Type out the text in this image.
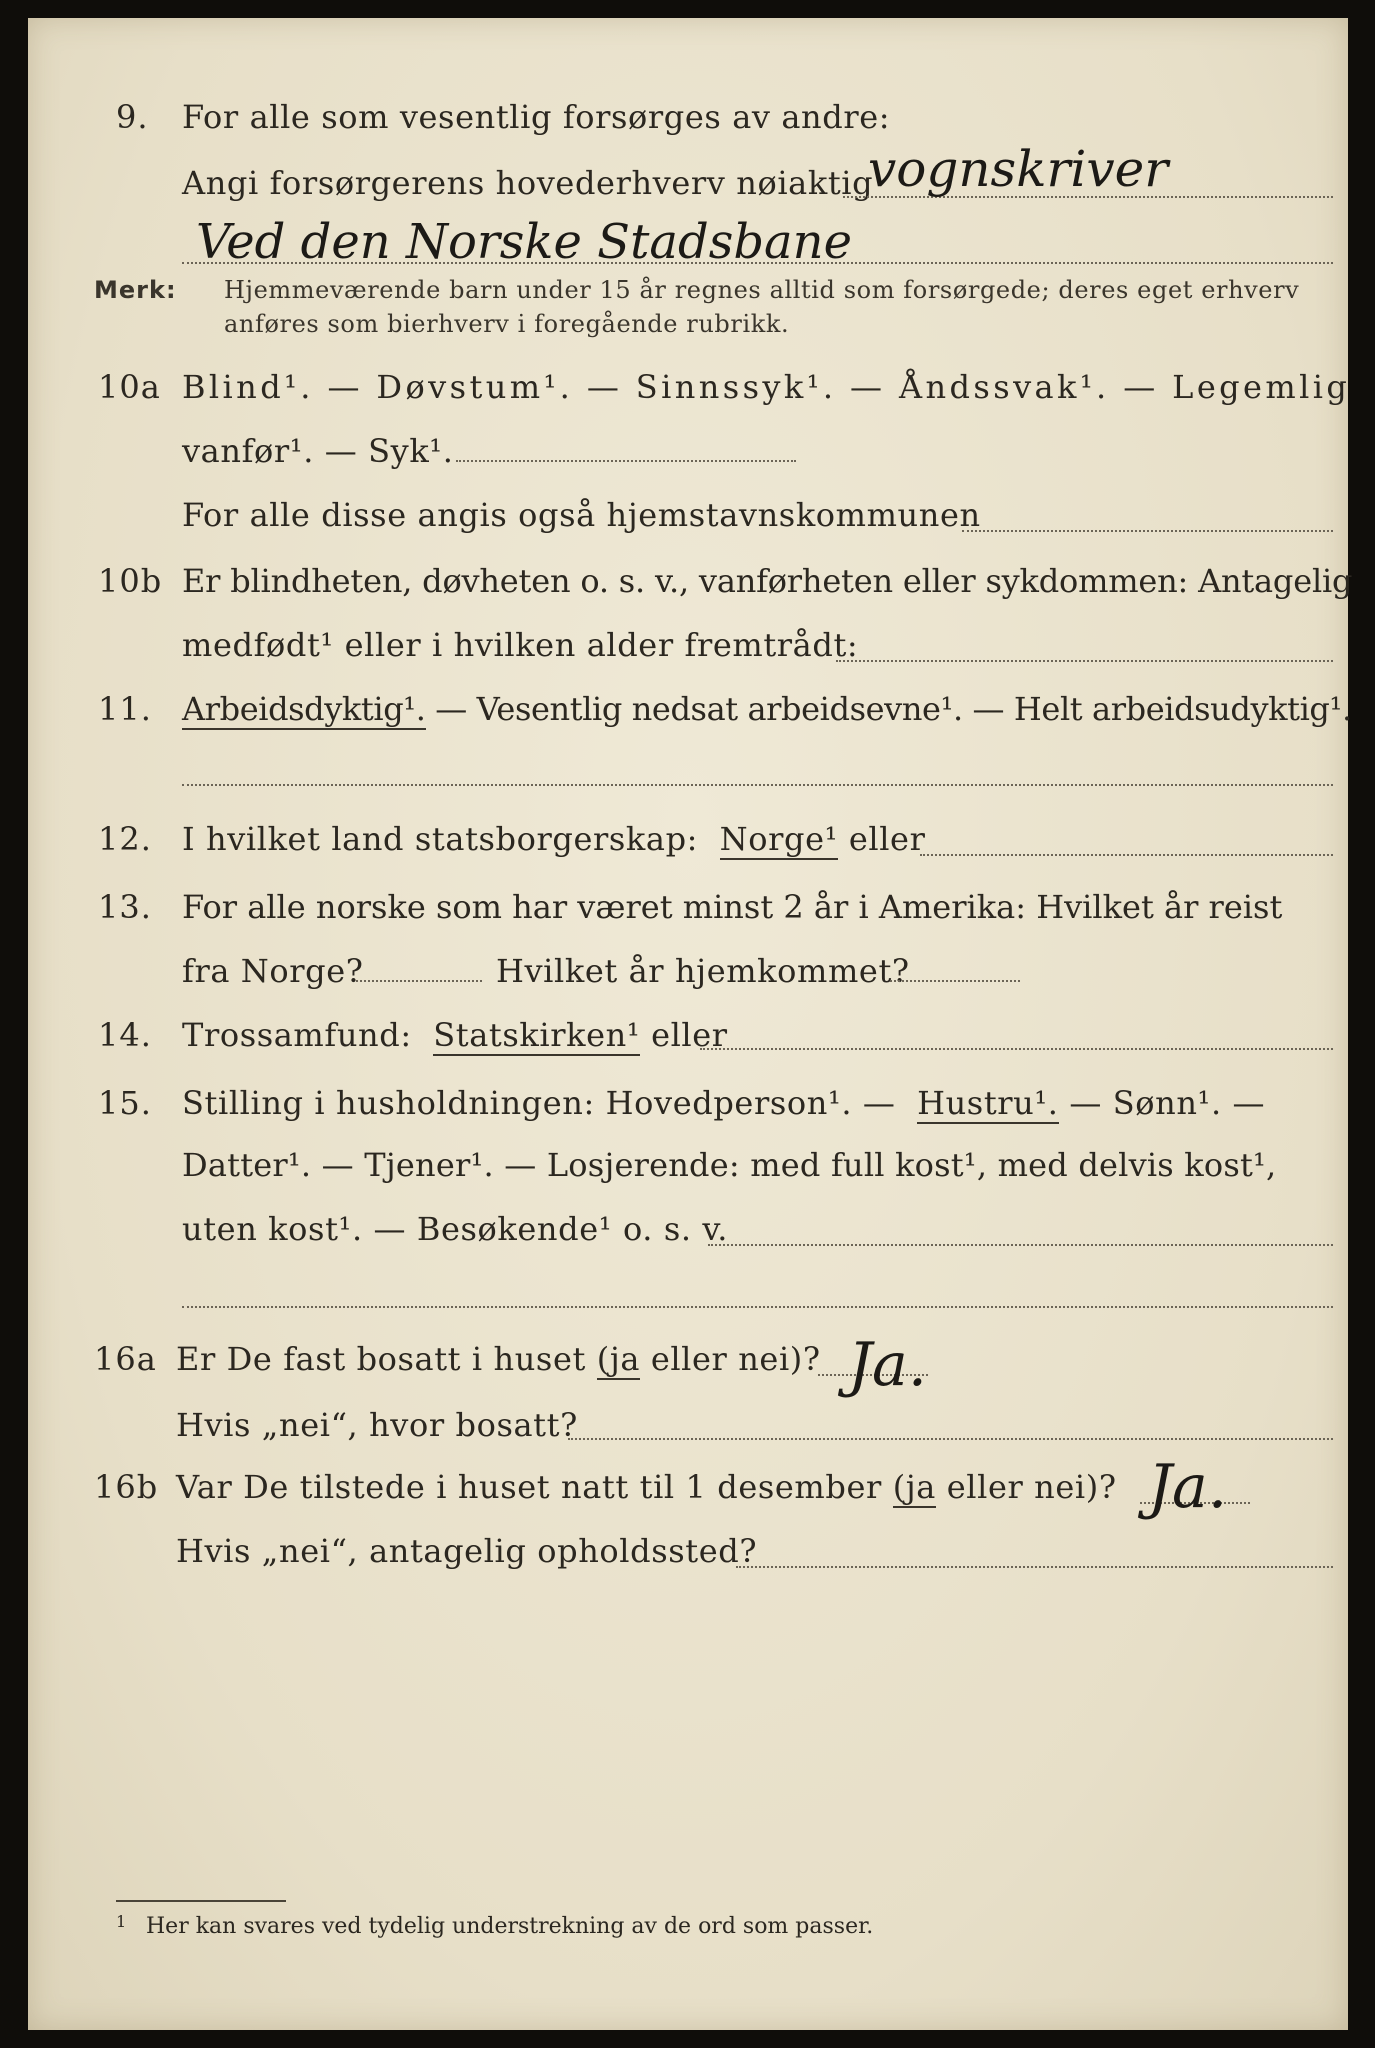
9. For alle som vesentlig forsørges av andre:
Angi forsørgerens hovederhverv nøiaktig
vognskriver
Ved den Norske Stadsbane
Merk: Hjemmeværende barn under 15 år regnes alltid som forsørgede; deres eget erhverv
anføres som bierhverv i foregående rubrikk.
10a Blind¹. — Døvstum¹. — Sinnssyk¹. — Åndssvak¹. — Legemlig
vanfør¹. — Syk¹.
For alle disse angis også hjemstavnskommunen
10b Er blindheten, døvheten o. s. v., vanførheten eller sykdommen: Antagelig
medfødt¹ eller i hvilken alder fremtrådt:
11. Arbeidsdyktig¹. — Vesentlig nedsat arbeidsevne¹. — Helt arbeidsudyktig¹.
12. I hvilket land statsborgerskap: Norge¹ eller
13. For alle norske som har været minst 2 år i Amerika: Hvilket år reist
fra Norge?	Hvilket år hjemkommet?
14. Trossamfund: Statskirken¹ eller
15. Stilling i husholdningen: Hovedperson¹. — Hustru¹. — Sønn¹. —
Datter¹. — Tjener¹. — Losjerende: med full kost¹, med delvis kost¹,
uten kost¹. — Besøkende¹ o. s. v.
16a Er De fast bosatt i huset (ja eller nei)? Ja.
Hvis „nei“, hvor bosatt?
16b Var De tilstede i huset natt til 1 desember (ja eller nei)? Ja.
Hvis „nei“, antagelig opholdssted?
1 Her kan svares ved tydelig understrekning av de ord som passer.
